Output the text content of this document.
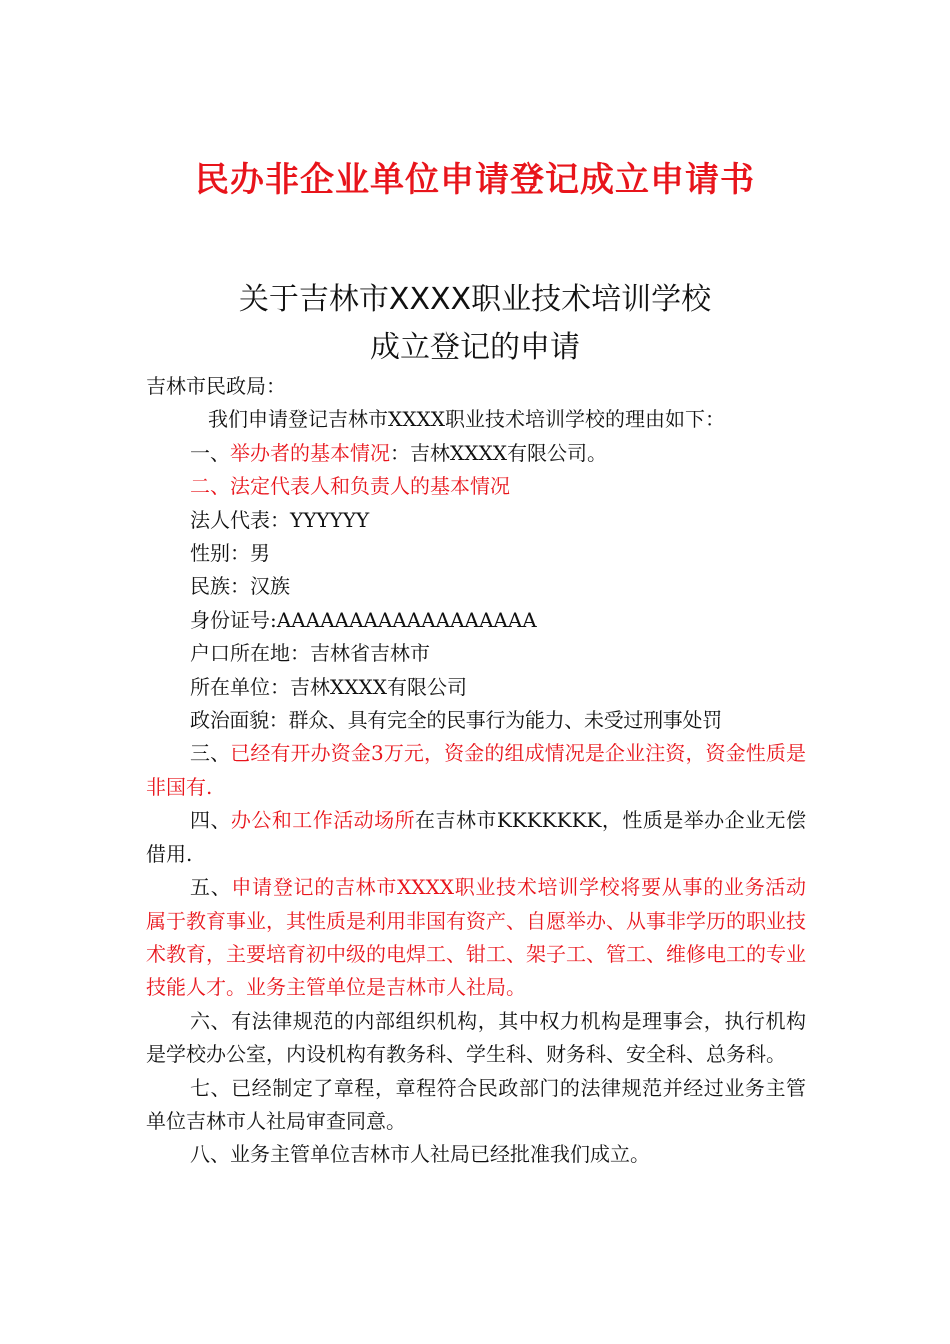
民办非企业单位申请登记成立申请书
关于吉林市XXXX职业技术培训学校
成立登记的申请

吉林市民政局：

我们申请登记吉林市XXXX职业技术培训学校的理由如下：

一、举办者的基本情况：吉林XXXX有限公司。

二、法定代表人和负责人的基本情况

法人代表：YYYYYY

性别：男

民族：汉族

身份证号:AAAAAAAAAAAAAAAAAA

户口所在地：吉林省吉林市

所在单位：吉林XXXX有限公司

政治面貌：群众、具有完全的民事行为能力、未受过刑事处罚

三、已经有开办资金3万元，资金的组成情况是企业注资，资金性质是非国有.

四、办公和工作活动场所在吉林市KKKKKKK，性质是举办企业无偿借用.

五、申请登记的吉林市XXXX职业技术培训学校将要从事的业务活动属于教育事业，其性质是利用非国有资产、自愿举办、从事非学历的职业技术教育，主要培育初中级的电焊工、钳工、架子工、管工、维修电工的专业技能人才。业务主管单位是吉林市人社局。

六、有法律规范的内部组织机构，其中权力机构是理事会，执行机构是学校办公室，内设机构有教务科、学生科、财务科、安全科、总务科。

七、已经制定了章程，章程符合民政部门的法律规范并经过业务主管单位吉林市人社局审查同意。

八、业务主管单位吉林市人社局已经批准我们成立。
